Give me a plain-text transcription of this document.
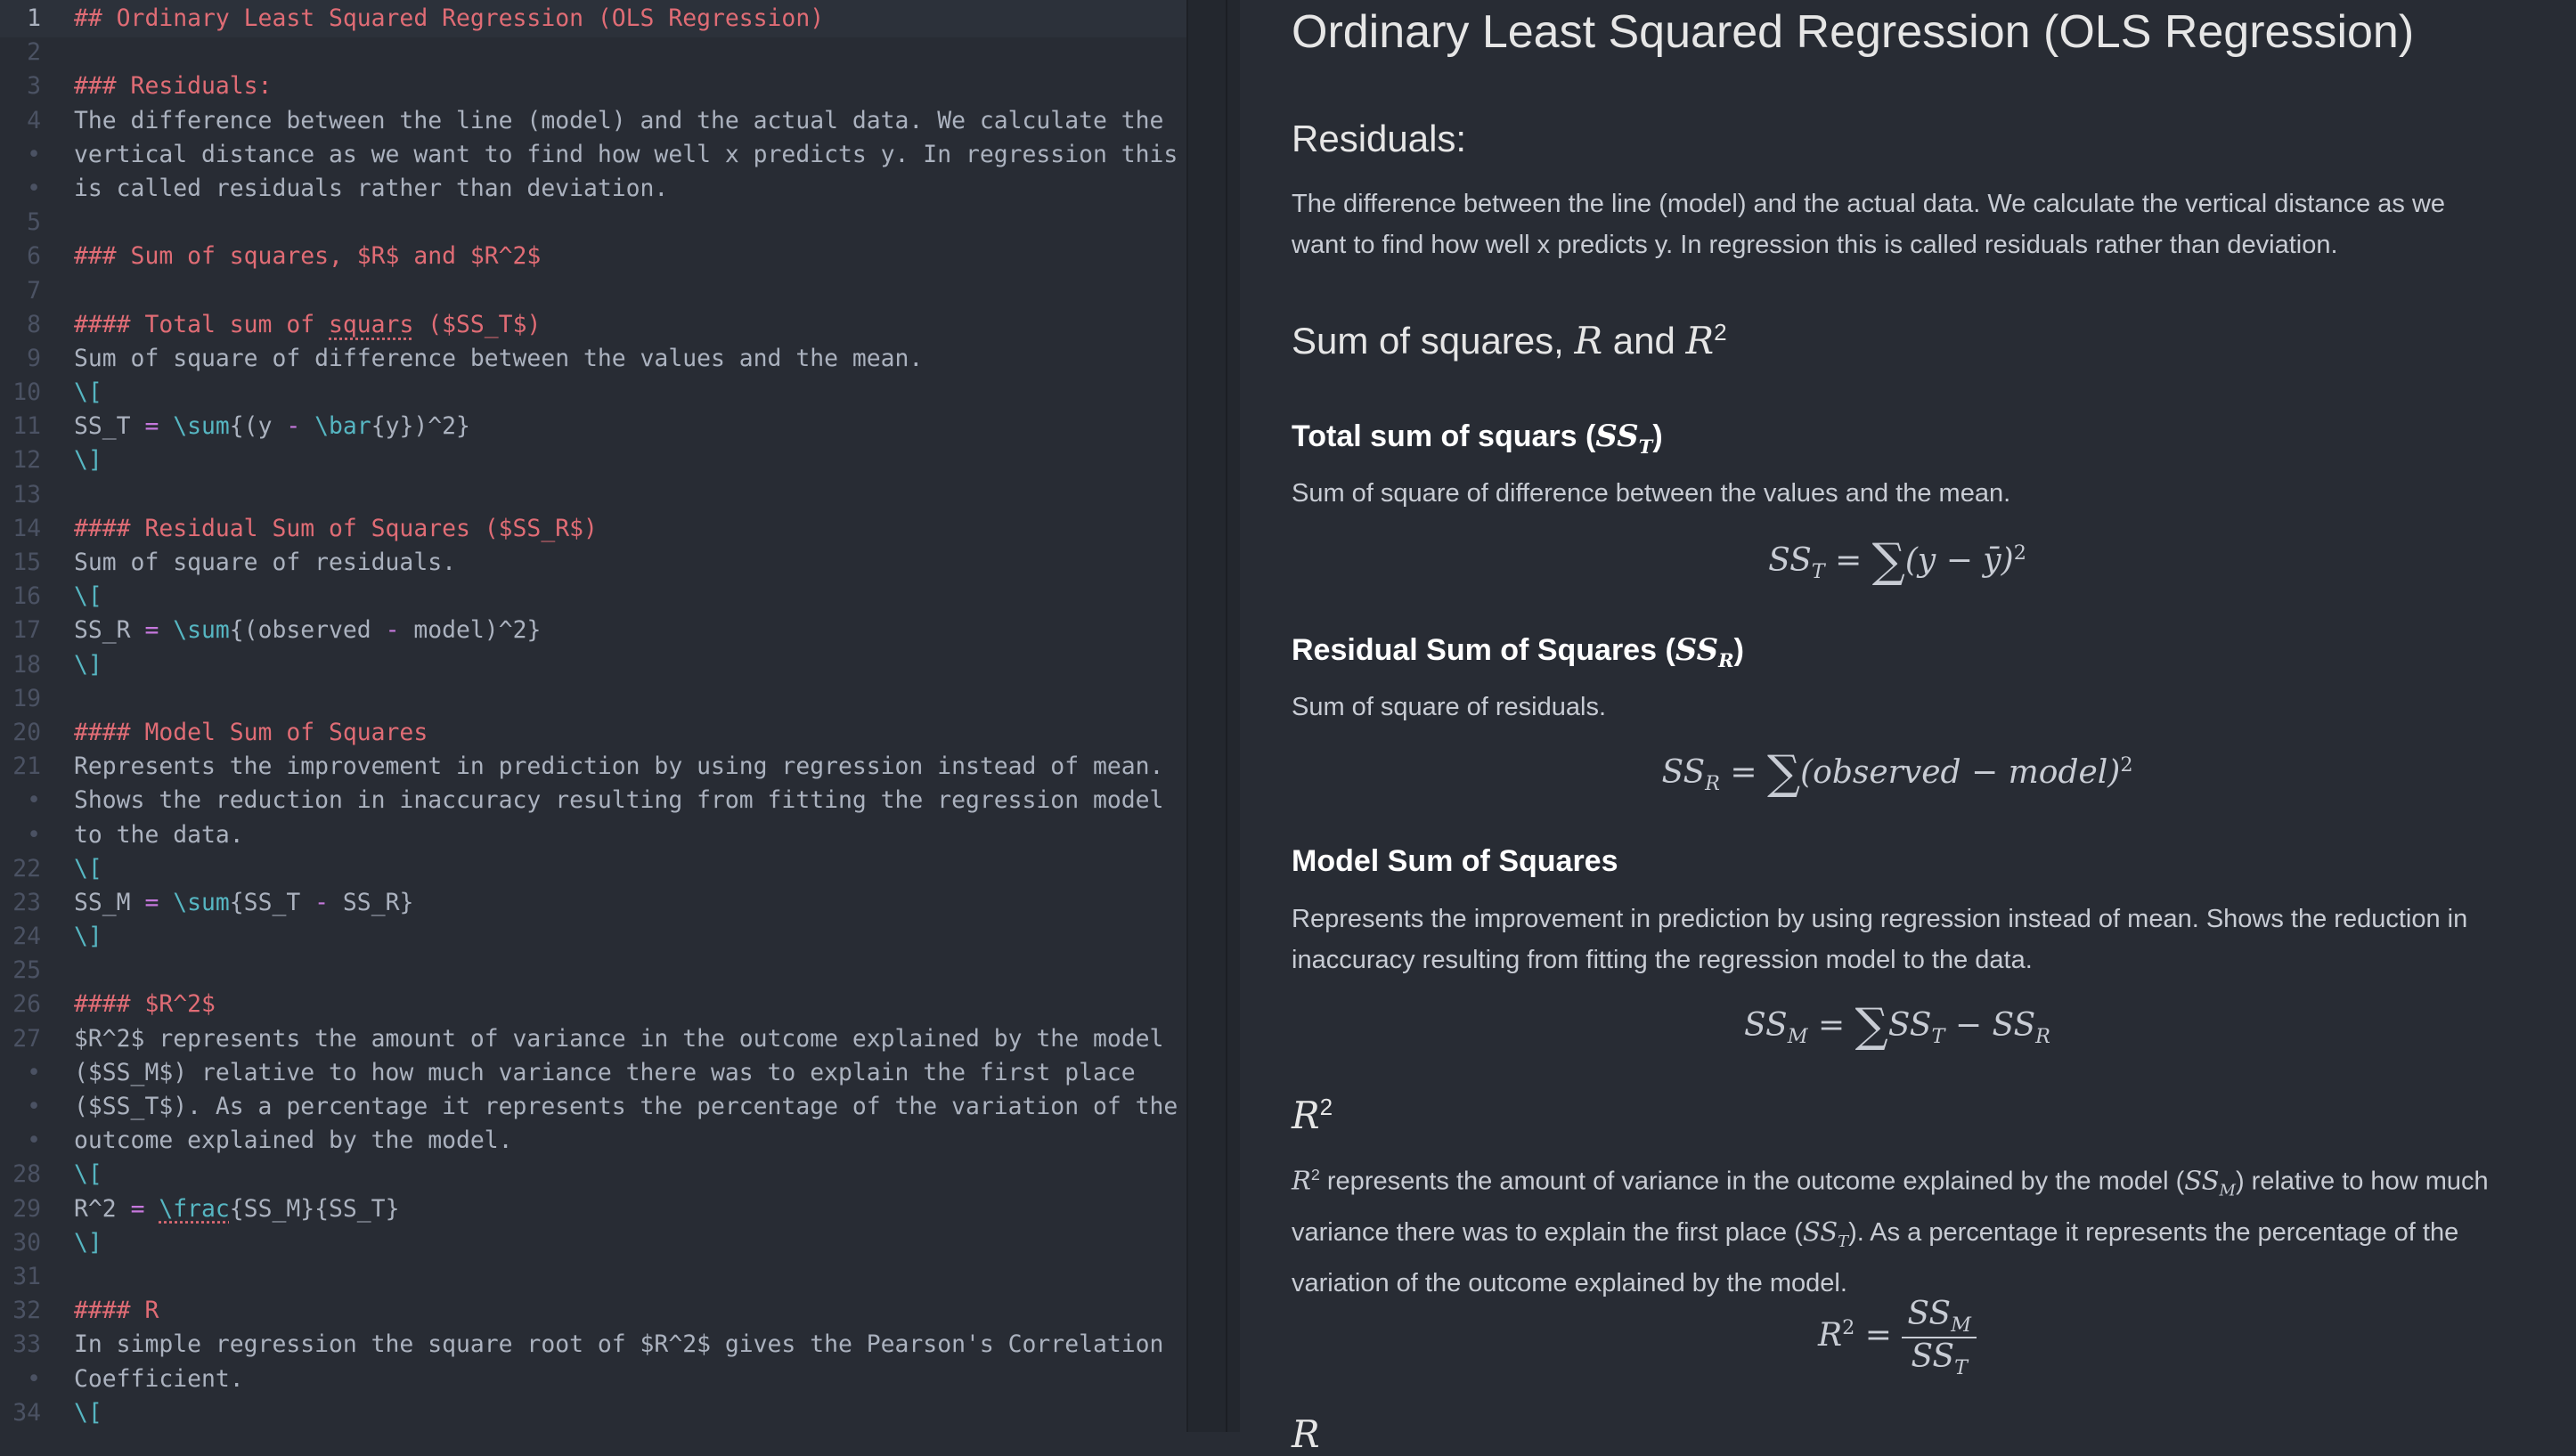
1 ## Ordinary Least Squared Regression (OLS Regression)
2
3 ### Residuals:
4 The difference between the line (model) and the actual data. We calculate the
• vertical distance as we want to find how well x predicts y. In regression this
• is called residuals rather than deviation.
5
6 ### Sum of squares, $R$ and $R^2$
7
8 #### Total sum of squars ($SS_T$)
9 Sum of square of difference between the values and the mean.
10 \[
11 SS_T = \sum{(y - \bar{y})^2}
12 \]
13
14 #### Residual Sum of Squares ($SS_R$)
15 Sum of square of residuals.
16 \[
17 SS_R = \sum{(observed - model)^2}
18 \]
19
20 #### Model Sum of Squares
21 Represents the improvement in prediction by using regression instead of mean.
• Shows the reduction in inaccuracy resulting from fitting the regression model
• to the data.
22 \[
23 SS_M = \sum{SS_T - SS_R}
24 \]
25
26 #### $R^2$
27 $R^2$ represents the amount of variance in the outcome explained by the model
• ($SS_M$) relative to how much variance there was to explain the first place
• ($SS_T$). As a percentage it represents the percentage of the variation of the
• outcome explained by the model.
28 \[
29 R^2 = \frac{SS_M}{SS_T}
30 \]
31
32 #### R
33 In simple regression the square root of $R^2$ gives the Pearson's Correlation
• Coefficient.
34 \[
Ordinary Least Squared Regression (OLS Regression)
Residuals:
The difference between the line (model) and the actual data. We calculate the vertical distance as we want to find how well x predicts y. In regression this is called residuals rather than deviation.
Sum of squares, R and $R^2$
Total sum of squars $(SS_T)$
Sum of square of difference between the values and the mean.
$SS_T = \sum(y$ − ȳ)$^2$
Residual Sum of Squares $(SS_R)$
Sum of square of residuals.
$SS_R$ = ∑(observed − model)$^2$
Model Sum of Squares
Represents the improvement in prediction by using regression instead of mean. Shows the reduction in inaccuracy resulting from fitting the regression model to the data.
$SS_M = \sum SS_T - SS_R$
$R^2$
$R^2$ represents the amount of variance in the outcome explained by the model $(SS_M)$ relative to how much variance there was to explain the first place $(SS_T)$. As a percentage it represents the percentage of the variation of the outcome explained by the model.
$R^2 = \frac{SS_M}{SS_T}$
R
